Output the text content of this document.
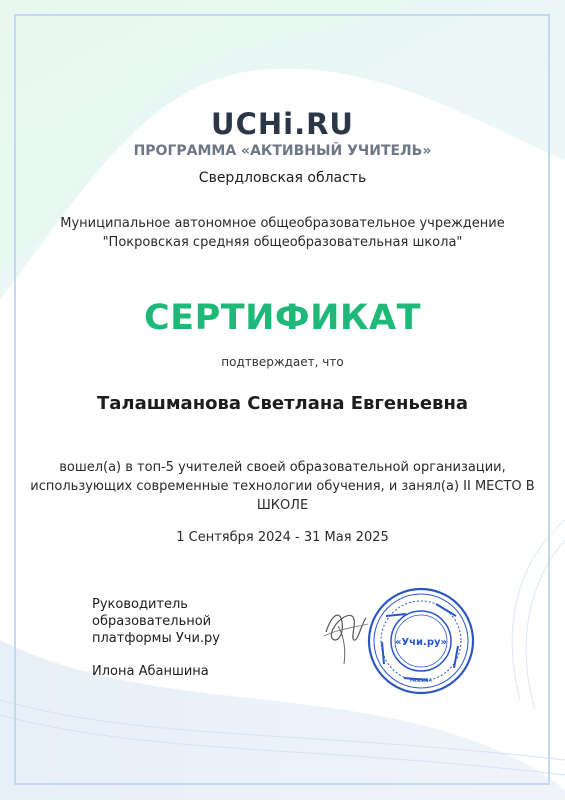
UCHi.RU
ПРОГРАММА «АКТИВНЫЙ УЧИТЕЛЬ»
Свердловская область
Муниципальное автономное общеобразовательное учреждение
"Покровская средняя общеобразовательная школа"
СЕРТИФИКАТ
подтверждает, что
Талашманова Светлана Евгеньевна
вошел(а) в топ-5 учителей своей образовательной организации, использующих современные технологии обучения, и занял(а) II МЕСТО В ШКОЛЕ
1 Сентября 2024 - 31 Мая 2025
Руководитель
образовательной
платформы Учи.ру
Илона Абаншина
«Учи.ру»
МОСКВА
